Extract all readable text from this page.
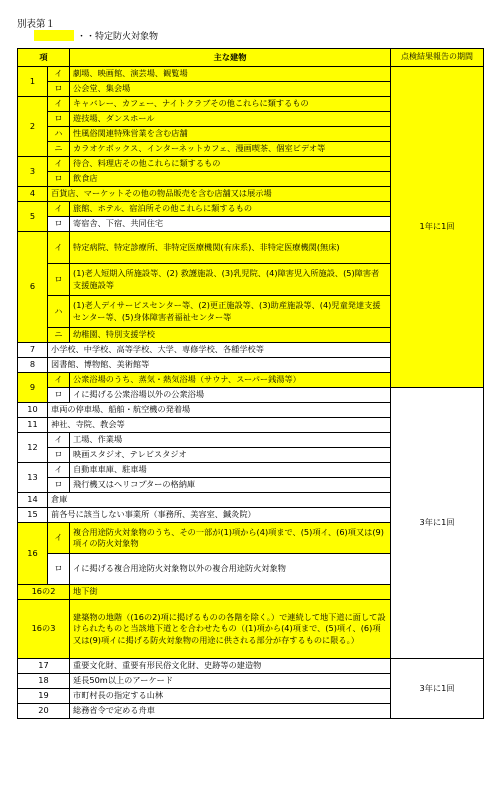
別表第１
・・特定防火対象物
項		主な建物	点検結果報告の期間	
1	イ	劇場、映画館、演芸場、観覧場	1年に1回	
	ロ	公会堂、集会場		
2	イ	キャバレー、カフェー、ナイトクラブその他これらに類するもの		
	ロ	遊技場、ダンスホール		
	ハ	性風俗関連特殊営業を含む店舗		
	ニ	カラオケボックス、インターネットカフェ、漫画喫茶、個室ビデオ等		
3	イ	待合、料理店その他これらに類するもの		
	ロ	飲食店		
4	百貨店、マーケットその他の物品販売を含む店舗又は展示場			
5	イ	旅館、ホテル、宿泊所その他これらに類するもの		
	ロ	寄宿舎、下宿、共同住宅		
6	イ	特定病院、特定診療所、非特定医療機関(有床系)、非特定医療機関(無床)		
	ロ	(1)老人短期入所施設等、(2) 救護施設、(3)乳児院、(4)障害児入所施設、(5)障害者支援施設等		
	ハ	(1)老人デイサービスセンター等、(2)更正施設等、(3)助産施設等、(4)児童発達支援センター等、(5)身体障害者福祉センター等		
	ニ	幼稚園、特別支援学校		
7	小学校、中学校、高等学校、大学、専修学校、各種学校等			
8	図書館、博物館、美術館等			
9	イ	公衆浴場のうち、蒸気・熱気浴場（サウナ、スーパー銭湯等）		
	ロ	イに掲げる公衆浴場以外の公衆浴場	3年に1回	
10	車両の停車場、船舶・航空機の発着場			
11	神社、寺院、教会等			
12	イ	工場、作業場		
	ロ	映画スタジオ、テレビスタジオ		
13	イ	自動車車庫、駐車場		
	ロ	飛行機又はヘリコプターの格納庫		
14	倉庫			
15	前各号に該当しない事業所（事務所、美容室、鍼灸院）			
16	イ	複合用途防火対象物のうち、その一部が(1)項から(4)項まで、(5)項イ、(6)項又は(9)項イの防火対象物		
	ロ	イに掲げる複合用途防火対象物以外の複合用途防火対象物		
16の2		地下街	
16の3		建築物の地階（(16の2)項に掲げるものの各階を除く。）で連続して地下道に面して設けられたものと当該地下道とを合わせたもの（(1)項から(4)項まで、(5)項イ、(6)項又は(9)項イに掲げる防火対象物の用途に供される部分が存するものに限る。）		
17		重要文化財、重要有形民俗文化財、史跡等の建造物	3年に1回	
18		延長50m以上のアーケード		
19		市町村長の指定する山林		
20		総務省令で定める舟車		
